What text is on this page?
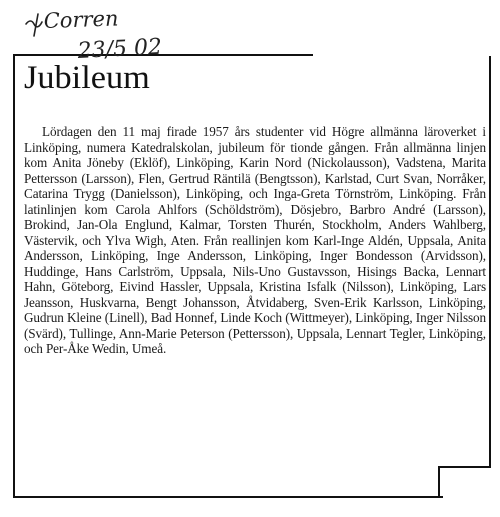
Corren
23/5 02
Jubileum

Lördagen den 11 maj firade 1957 års studenter vid Högre allmänna läroverket i Linköping, numera Katedralskolan, jubileum för tionde gången. Från allmänna linjen kom Anita Jöneby (Eklöf), Linköping, Karin Nord (Nickolausson), Vadstena, Marita Pettersson (Larsson), Flen, Gertrud Räntilä (Bengtsson), Karlstad, Curt Svan, Norråker, Catarina Trygg (Danielsson), Linköping, och Inga-Greta Törnström, Linköping. Från latinlinjen kom Carola Ahlfors (Schöldström), Dösjebro, Barbro André (Larsson), Brokind, Jan-Ola Englund, Kalmar, Torsten Thurén, Stockholm, Anders Wahlberg, Västervik, och Ylva Wigh, Aten. Från reallinjen kom Karl-Inge Aldén, Uppsala, Anita Andersson, Linköping, Inge Andersson, Linköping, Inger Bondesson (Arvidsson), Huddinge, Hans Carlström, Uppsala, Nils-Uno Gustavsson, Hisings Backa, Lennart Hahn, Göteborg, Eivind Hassler, Uppsala, Kristina Isfalk (Nilsson), Linköping, Lars Jeansson, Huskvarna, Bengt Johansson, Åtvidaberg, Sven-Erik Karlsson, Linköping, Gudrun Kleine (Linell), Bad Honnef, Linde Koch (Wittmeyer), Linköping, Inger Nilsson (Svärd), Tullinge, Ann-Marie Peterson (Pettersson), Uppsala, Lennart Tegler, Linköping, och Per-Åke Wedin, Umeå.
